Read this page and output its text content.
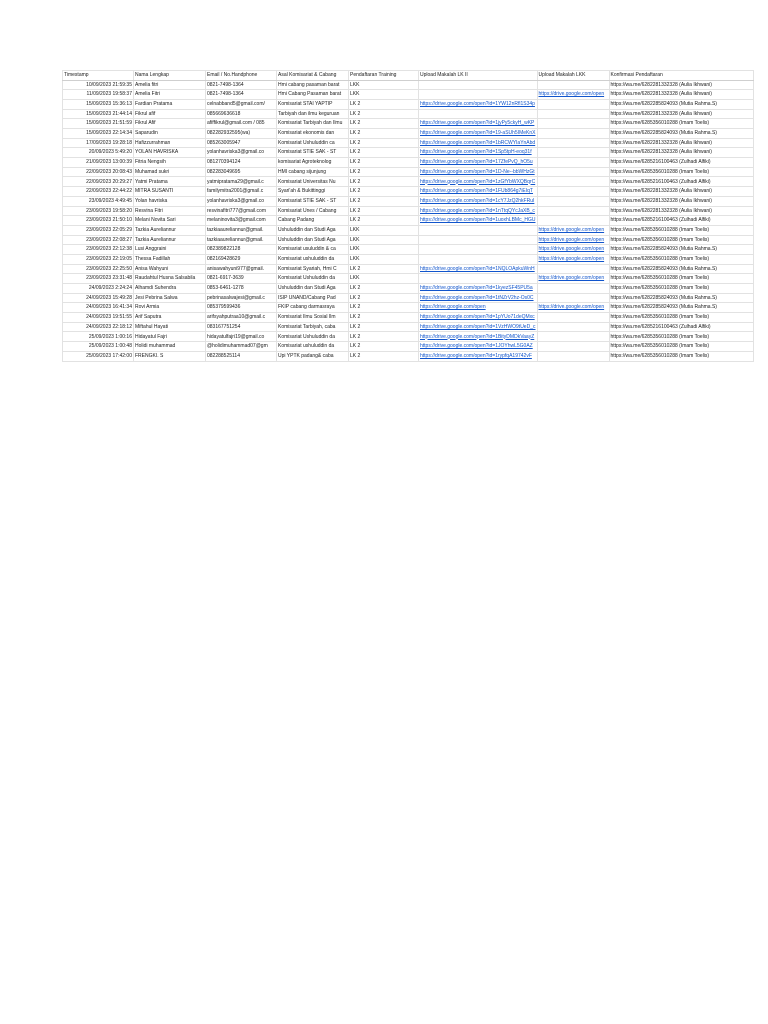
Timestamp	Nama Lengkap	Email / No.Handphone	Asal Komisariat & Cabang	Pendaftaran Training	Upload Makalah LK II	Upload Makalah LKK	Konfirmasi Pendaftaran
10/09/2023 21:59:35	Amelia fitri	0821-7498-1364	Hmi cabang pasaman barat	LKK			https://wa.me/6282281332328 (Aulia Ikhwani)
11/09/2023 19:58:37	Amelia Fitri	0821-7498-1364	Hmi Cabang Pasaman barat	LKK		https://drive.google.com/open	https://wa.me/6282281332328 (Aulia Ikhwani)
15/09/2023 15:36:13	Fardian Pratama	celnabband5@gmail.com/	Komisariat STAI YAPTIP	LK 2	https://drive.google.com/open?id=1YW12nRfl1S34p		https://wa.me/6282285824093 (Mutia Rahma.S)
15/09/2023 21:44:14	Fikrul afif	085669636618	Tarbiyah dan ilmu keguruan	LK 2			https://wa.me/6282281332328 (Aulia Ikhwani)
15/09/2023 21:51:59	Fikrul Afif	afiffikrul@gmail.com / 085	Komisariat Tarbiyah dan Ilmu	LK 2	https://drive.google.com/open?id=1jyPy5ckyH_wKP		https://wa.me/6285356010288 (Imam Toelis)
15/09/2023 22:14:34	Saparudin	082282932595(wa)	Komisariat ekonomis dan	LK 2	https://drive.google.com/open?id=19-aSUh5IMeKnX		https://wa.me/6282285824093 (Mutia Rahma.S)
17/09/2023 19:28:18	Hafizzurrahman	085263005947	Komisariat Ushuluddin ca	LK 2	https://drive.google.com/open?id=1bRCWYIaYnAbd		https://wa.me/6282281332328 (Aulia Ikhwani)
20/09/2023 5:49:20	YOLAN HAVRISKA	yolanhavriska3@gmail.co	Komisariat STIE SAK - ST	LK 2	https://drive.google.com/open?id=1Sp5tpH-eoq31f		https://wa.me/6282281332328 (Aulia Ikhwani)
21/09/2023 13:00:39	Fitria Nengsih	081270394124	komisariat Agroteknolog	LK 2	https://drive.google.com/open?id=17ZfePvQ_hO5u		https://wa.me/6285216100463 (Zulhadi Alfiki)
22/09/2023 20:08:43	Muhamad sukri	082283049695	HMI cabang sijunjung	LK 2	https://drive.google.com/open?id=1D-Ne--bbWHzGt		https://wa.me/6285356010288 (Imam Toelis)
22/09/2023 20:29:27	Yatmi Pratama	yatmipratama29@gmail.c	Komisariat Universitas Nu	LK 2	https://drive.google.com/open?id=1zGfYbWXQBqrC		https://wa.me/6285216100463 (Zulhadi Alfiki)
22/09/2023 22:44:22	MITRA SUSANTI	familymitra2001@gmail.c	Syari'ah & Bukittinggi	LK 2	https://drive.google.com/open?id=1FUb864g7iEIqT		https://wa.me/6282281332328 (Aulia Ikhwani)
23/09/2023 4:49:45	Yolan havriska	yolanhavriska3@gmail.co	Komisariat STIE SAK - ST	LK 2	https://drive.google.com/open?id=1cY7JzQ2hkFRuI		https://wa.me/6282281332328 (Aulia Ikhwani)
23/09/2023 19:58:20	Resvina Fitri	resvinafitri777@gmail.com	Komisariat Unes / Cabang	LK 2	https://drive.google.com/open?id=1nTtqQYcJaXB_c		https://wa.me/6282281332328 (Aulia Ikhwani)
23/09/2023 21:50:10	Melani Novita Sari	melaninovita3@gmail.com	Cabang Padang	LK 2	https://drive.google.com/open?id=1uoxhLBMc_HGU		https://wa.me/6285216100463 (Zulhadi Alfiki)
23/09/2023 22:05:29	Tazkia Aureliannur	tazkiaaureliannur@gmail.	Ushuluddin dan Studi Aga	LKK		https://drive.google.com/open	https://wa.me/6285356010288 (Imam Toelis)
23/09/2023 22:08:27	Tazkia Aureliannur	tazkiaaureliannur@gmail.	Ushuluddin dan Studi Aga	LKK		https://drive.google.com/open	https://wa.me/6285356010288 (Imam Toelis)
23/09/2023 22:12:38	Lusi Anggraini	082389822128	Komisariat usuluddin & ca	LKK		https://drive.google.com/open	https://wa.me/6282285824093 (Mutia Rahma.S)
23/09/2023 22:19:05	Thessa Fadillah	082169428629	Komisariat ushuluddin da	LKK		https://drive.google.com/open	https://wa.me/6285356010288 (Imam Toelis)
23/09/2023 22:25:50	Anisa Wahyuni	anisawahyuni977@gmail.	Komisariat Syariah, Hmi C	LK 2	https://drive.google.com/open?id=1NQLOApkuWnH		https://wa.me/6282285824093 (Mutia Rahma.S)
23/09/2023 23:31:48	Raudahtul Husna Salsabila	0821-6917-3639	Komisariat Ushuluddin da	LKK		https://drive.google.com/open	https://wa.me/6285356010288 (Imam Toelis)
24/09/2023 2:24:24	Alhamdi Suhendra	0853-6461-1278	Ushuluddin dan Studi Aga	LK 2	https://drive.google.com/open?id=1kyezSF45PU5a		https://wa.me/6285356010288 (Imam Toelis)
24/09/2023 15:49:28	Jesi Pebrina Salwa	pebrinasalwajesi@gmail.c	ISIP UNAND/Cabang Pad	LK 2	https://drive.google.com/open?id=1tNZrV2hz-Os0C		https://wa.me/6282285824093 (Mutia Rahma.S)
24/09/2023 16:41:34	Rovi Armia	085379599436	FKIP cabang darmasraya	LK 2	https://drive.google.com/open	https://drive.google.com/open	https://wa.me/6282285824093 (Mutia Rahma.S)
24/09/2023 19:51:55	Arif Saputra	arifsyahputraa10@gmail.c	Komisariat Ilmu Sosial Ilm	LK 2	https://drive.google.com/open?id=1pYUo71deQMxc		https://wa.me/6285356010288 (Imam Toelis)
24/09/2023 22:18:12	Miftahul Hayati	083167751254	Komisariat Tarbiyah, caba	LK 2	https://drive.google.com/open?id=1VzHWO9tUeD_c		https://wa.me/6285216100463 (Zulhadi Alfiki)
25/09/2023 1:00:16	Hidayatul Fajri	hidayatulfajri19@gmail.co	Komisariat Ushuluddin da	LK 2	https://drive.google.com/open?id=1BityDMDkVaayZ		https://wa.me/6285356010288 (Imam Toelis)
25/09/2023 1:00:48	Holidi muhammad	@holidimuhammad07@gm	Komisariat ushuluddin da	LK 2	https://drive.google.com/open?id=1JOYhwL5G0AZ		https://wa.me/6285356010288 (Imam Toelis)
25/09/2023 17:42:00	FRENGKI. S	082288525114	Upi YPTK padang& caba	LK 2	https://drive.google.com/open?id=1rypfqA19742vF		https://wa.me/6285356010288 (Imam Toelis)
